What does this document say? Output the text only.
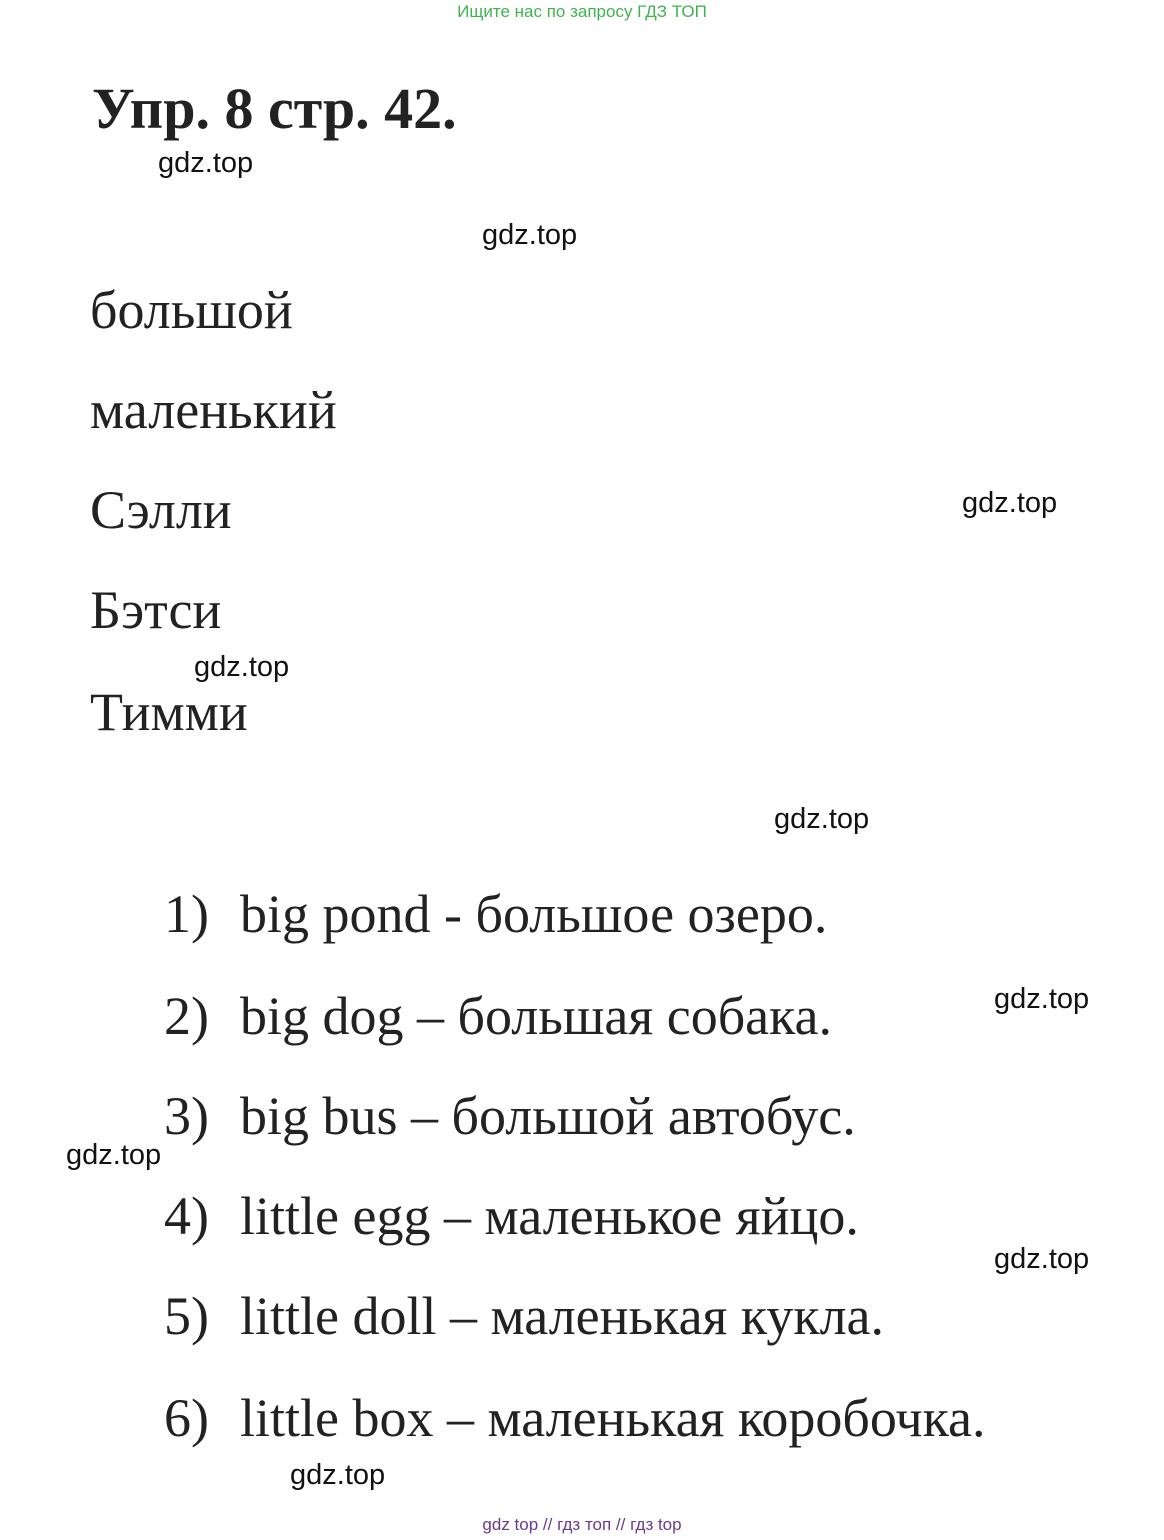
Ищите нас по запросу ГДЗ ТОП
Упр. 8 стр. 42.
gdz.top
gdz.top
большой
маленький
Сэлли	gdz.top
Бэтси
gdz.top
Тимми
gdz.top
1) big pond - большое озеро.
gdz.top
2) big dog – большая собака.
3) big bus – большой автобус.
gdz.top
4) little egg – маленькое яйцо.
gdz.top
5) little doll – маленькая кукла.
6) little box – маленькая коробочка.
gdz.top
gdz top // гдз топ // гдз top
